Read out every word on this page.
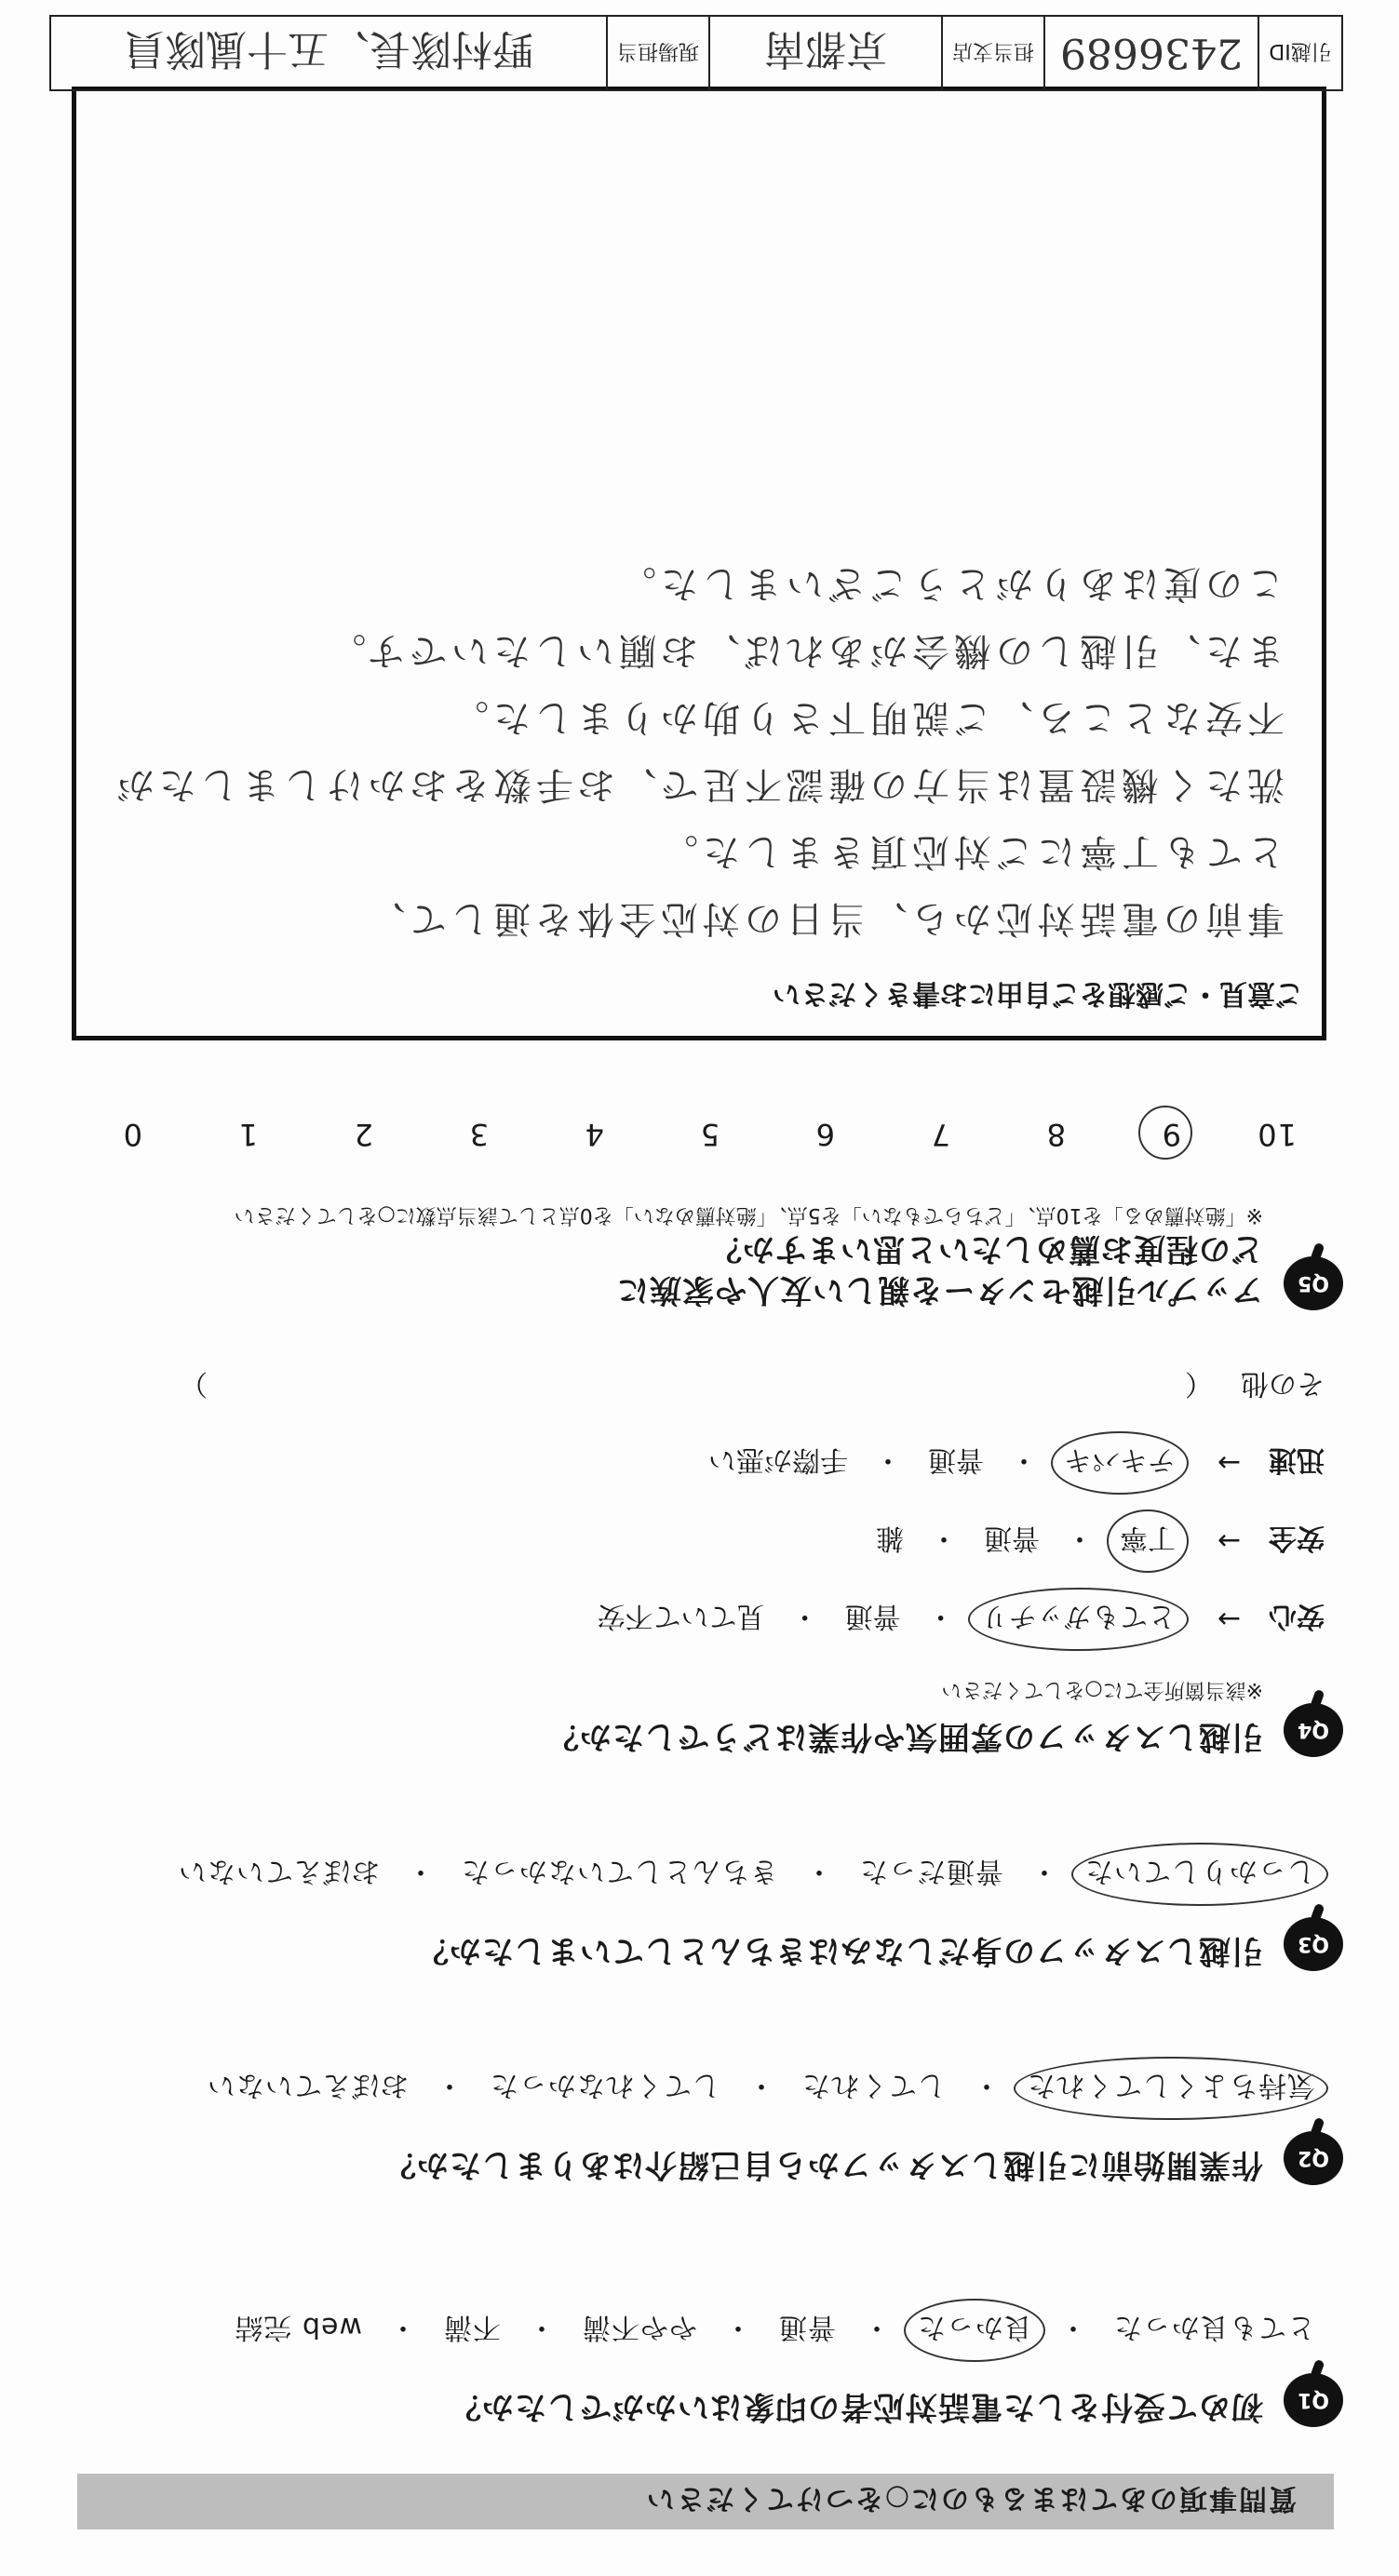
質問事項のあてはまるものに○をつけてください
Q1
初めて受付をした電話対応者の印象はいかがでしたか？
とても良かった
・
良かった
・
普通
・
やや不満
・
不満
・
web 完結
Q2
作業開始前に引越しスタッフから自己紹介はありましたか？
気持ちよくしてくれた
・
してくれた
・
してくれなかった
・
おぼえていない
Q3
引越しスタッフの身だしなみはきちんとしていましたか？
しっかりしていた
・
普通だった
・
きちんとしていなかった
・
おぼえていない
Q4
引越しスタッフの雰囲気や作業はどうでしたか？
※該当箇所全てに○をしてください
安心
→
とてもガッチリ
・
普通
・
見ていて不安
安全
→
丁寧
・
普通
・
雑
迅速
→
テキパキ
・
普通
・
手際が悪い
その他
（
）
Q5
アップル引越センターを親しい友人や家族に
どの程度お薦めしたいと思いますか？
※「絶対薦める」を10点、「どちらでもない」を5点、「絶対薦めない」を0点として該当点数に○をしてください
10
9
8
7
6
5
4
3
2
1
0
ご意見・ご感想をご自由にお書きください
事前の電話対応から、当日の対応全体を通して、
とても丁寧にご対応頂きました。
洗たく機設置は当方の確認不足で、お手数をおかけしましたが
不安なところ、ご説明下さり助かりました。
また、引越しの機会があれば、お願いしたいです。
この度はありがとうございました。
引越ID
2436689
担当支店
京都南
現場担当
野村隊長、五十嵐隊員
